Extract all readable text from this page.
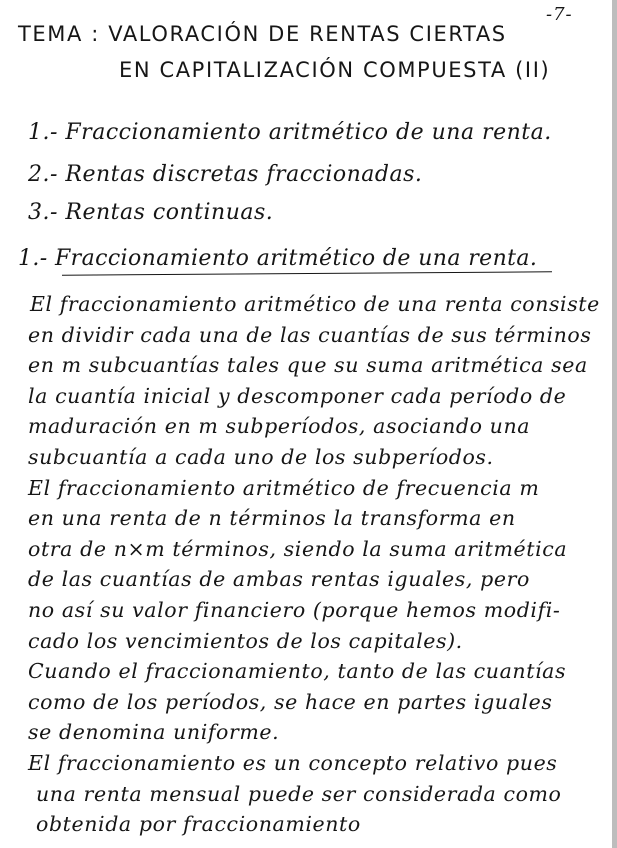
-7-
TEMA : VALORACIÓN DE RENTAS CIERTAS
EN CAPITALIZACIÓN COMPUESTA (II)
1.- Fraccionamiento aritmético de una renta.
2.- Rentas discretas fraccionadas.
3.- Rentas continuas.
1.- Fraccionamiento aritmético de una renta.
El fraccionamiento aritmético de una renta consiste
en dividir cada una de las cuantías de sus términos
en m subcuantías tales que su suma aritmética sea
la cuantía inicial y descomponer cada período de
maduración en m subperíodos, asociando una
subcuantía a cada uno de los subperíodos.
El fraccionamiento aritmético de frecuencia m
en una renta de n términos la transforma en
otra de n×m términos, siendo la suma aritmética
de las cuantías de ambas rentas iguales, pero
no así su valor financiero (porque hemos modifi-
cado los vencimientos de los capitales).
Cuando el fraccionamiento, tanto de las cuantías
como de los períodos, se hace en partes iguales
se denomina uniforme.
El fraccionamiento es un concepto relativo pues
una renta mensual puede ser considerada como
obtenida por fraccionamiento
